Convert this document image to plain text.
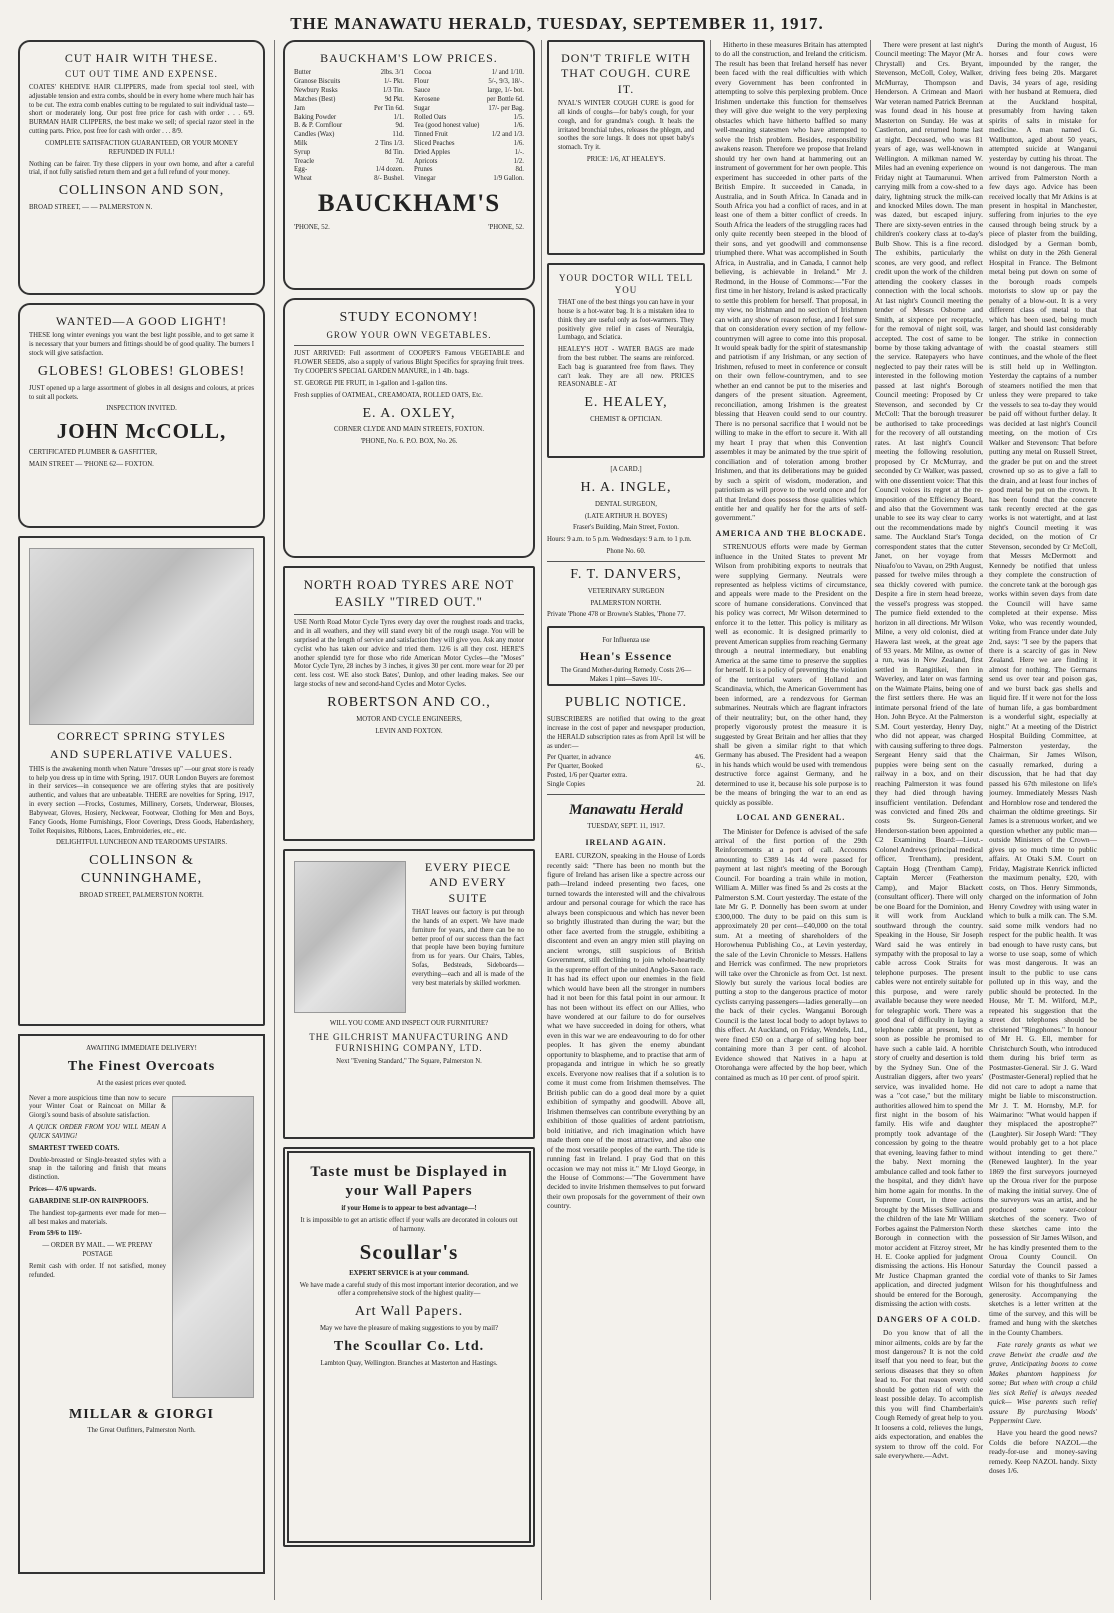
THE MANAWATU HERALD, TUESDAY, SEPTEMBER 11, 1917.
CUT HAIR WITH THESE.
CUT OUT TIME AND EXPENSE.
COATES' KHEDIVE HAIR CLIPPERS, made from special tool steel, with adjustable tension and extra combs, should be in every home where much hair has to be cut. The extra comb enables cutting to be regulated to suit individual taste—short or moderately long. Our post free price for cash with order . . . 6/9. BURMAN HAIR CLIPPERS, the best make we sell; of special razor steel in the cutting parts. Price, post free for cash with order . . . 8/9.
COMPLETE SATISFACTION GUARANTEED, OR YOUR MONEY REFUNDED IN FULL!
Nothing can be fairer. Try these clippers in your own home, and after a careful trial, if not fully satisfied return them and get a full refund of your money.
COLLINSON AND SON,
BROAD STREET, — — PALMERSTON N.
WANTED—A GOOD LIGHT!
THESE long winter evenings you want the best light possible, and to get same it is necessary that your burners and fittings should be of good quality. The burners I stock will give satisfaction.
GLOBES! GLOBES! GLOBES!
JUST opened up a large assortment of globes in all designs and colours, at prices to suit all pockets.
INSPECTION INVITED.
JOHN McCOLL,
CERTIFICATED PLUMBER & GASFITTER,
MAIN STREET — 'PHONE 62— FOXTON.
CORRECT SPRING STYLES
AND SUPERLATIVE VALUES.
THIS is the awakening month when Nature "dresses up" —our great store is ready to help you dress up in time with Spring, 1917. OUR London Buyers are foremost in their services—in consequence we are offering styles that are positively authentic, and values that are unbeatable. THERE are novelties for Spring, 1917, in every section —Frocks, Costumes, Millinery, Corsets, Underwear, Blouses, Babywear, Gloves, Hosiery, Neckwear, Footwear, Clothing for Men and Boys, Fancy Goods, Home Furnishings, Floor Coverings, Dress Goods, Haberdashery, Toilet Requisites, Ribbons, Laces, Embroideries, etc., etc.
DELIGHTFUL LUNCHEON AND TEAROOMS UPSTAIRS.
COLLINSON & CUNNINGHAME,
BROAD STREET, PALMERSTON NORTH.
AWAITING IMMEDIATE DELIVERY!
The Finest Overcoats
At the easiest prices ever quoted.
Never a more auspicious time than now to secure your Winter Coat or Raincoat on Millar & Giorgi's sound basis of absolute satisfaction.
A QUICK ORDER FROM YOU WILL MEAN A QUICK SAVING!
SMARTEST TWEED COATS.
Double-breasted or Single-breasted styles with a snap in the tailoring and finish that means distinction.
Prices— 47/6 upwards.
GABARDINE SLIP-ON RAINPROOFS.
The handiest top-garments ever made for men—all best makes and materials.
From 59/6 to 119/-
— ORDER BY MAIL. — WE PREPAY POSTAGE
Remit cash with order. If not satisfied, money refunded.
MILLAR & GIORGI
The Great Outfitters, Palmerston North.
BAUCKHAM'S LOW PRICES.
Butter	2lbs. 3/1
Granose Biscuits	1/- Pkt.
Newbury Rusks	1/3 Tin.
Matches (Best)	9d Pkt.
Jam	Per Tin 6d.
Baking Powder	1/1.
B. & P. Cornflour	9d.
Candles (Wax)	11d.
Milk	2 Tins 1/3.
Syrup	8d Tin.
Treacle	7d.
Egg-	1/4 dozen.
Wheat	8/- Bushel.
Cocoa	1/ and 1/10.
Flour	5/-, 9/3, 18/-.
Sauce	large, 1/- bot.
Kerosene	per Bottle 6d.
Sugar	17/- per Bag.
Rolled Oats	1/5.
Tea (good honest value)	1/6.
Tinned Fruit	1/2 and 1/3.
Sliced Peaches	1/6.
Dried Apples	1/-.
Apricots	1/2.
Prunes	8d.
Vinegar	1/9 Gallon.
BAUCKHAM'S
'PHONE, 52.	'PHONE, 52.
STUDY ECONOMY!
GROW YOUR OWN VEGETABLES.
JUST ARRIVED: Full assortment of COOPER'S Famous VEGETABLE and FLOWER SEEDS, also a supply of various Blight Specifics for spraying fruit trees. Try COOPER'S SPECIAL GARDEN MANURE, in 1 4lb. bags.
ST. GEORGE PIE FRUIT, in 1-gallon and 1-gallon tins.
Fresh supplies of OATMEAL, CREAMOATA, ROLLED OATS, Etc.
E. A. OXLEY,
CORNER CLYDE AND MAIN STREETS, FOXTON.
'PHONE, No. 6. P.O. BOX, No. 26.
NORTH ROAD TYRES ARE NOT EASILY "TIRED OUT."
USE North Road Motor Cycle Tyres every day over the roughest roads and tracks, and in all weathers, and they will stand every bit of the rough usage. You will be surprised at the length of service and satisfaction they will give you. Ask any motor cyclist who has taken our advice and tried them. 12/6 is all they cost. HERE'S another splendid tyre for those who ride American Motor Cycles—the "Moses" Motor Cycle Tyre, 28 inches by 3 inches, it gives 30 per cent. more wear for 20 per cent. less cost. WE also stock Bates', Dunlop, and other leading makes. See our large stocks of new and second-hand Cycles and Motor Cycles.
ROBERTSON AND CO.,
MOTOR AND CYCLE ENGINEERS,
LEVIN AND FOXTON.
EVERY PIECE AND EVERY SUITE
THAT leaves our factory is put through the hands of an expert. We have made furniture for years, and there can be no better proof of our success than the fact that people have been buying furniture from us for years. Our Chairs, Tables, Sofas, Bedsteads, Sideboards—everything—each and all is made of the very best materials by skilled workmen.
WILL YOU COME AND INSPECT OUR FURNITURE?
THE GILCHRIST MANUFACTURING AND FURNISHING COMPANY, LTD.
Next "Evening Standard," The Square, Palmerston N.
Taste must be Displayed in your Wall Papers
if your Home is to appear to best advantage—!
It is impossible to get an artistic effect if your walls are decorated in colours out of harmony.
Scoullar's
EXPERT SERVICE is at your command.
We have made a careful study of this most important interior decoration, and we offer a comprehensive stock of the highest quality—
Art Wall Papers.
May we have the pleasure of making suggestions to you by mail?
The Scoullar Co. Ltd.
Lambton Quay, Wellington. Branches at Masterton and Hastings.
DON'T TRIFLE WITH THAT COUGH. CURE IT.
NYAL'S WINTER COUGH CURE is good for all kinds of coughs—for baby's cough, for your cough, and for grandma's cough. It heals the irritated bronchial tubes, releases the phlegm, and soothes the sore lungs. It does not upset baby's stomach. Try it.
PRICE: 1/6, AT HEALEY'S.
YOUR DOCTOR WILL TELL YOU
THAT one of the best things you can have in your house is a hot-water bag. It is a mistaken idea to think they are useful only as foot-warmers. They positively give relief in cases of Neuralgia, Lumbago, and Sciatica.
HEALEY'S HOT - WATER BAGS are made from the best rubber. The seams are reinforced. Each bag is guaranteed free from flaws. They can't leak. They are all new. PRICES REASONABLE - AT
E. HEALEY,
CHEMIST & OPTICIAN.
[A CARD.]
H. A. INGLE,
DENTAL SURGEON,
(LATE ARTHUR H. BOYES)
Fraser's Building, Main Street, Foxton.
Hours: 9 a.m. to 5 p.m. Wednesdays: 9 a.m. to 1 p.m.
Phone No. 60.
F. T. DANVERS,
VETERINARY SURGEON
PALMERSTON NORTH.
Private 'Phone 478 or Browne's Stables, 'Phone 77.
For Influenza use
Hean's Essence
The Grand Mother-during Remedy. Costs 2/6—Makes 1 pint—Saves 10/-.
PUBLIC NOTICE.
SUBSCRIBERS are notified that owing to the great increase in the cost of paper and newspaper production, the HERALD subscription rates as from April 1st will be as under:—
Per Quarter, in advance	4/6.
Per Quarter, Booked	6/-.
Posted, 1/6 per Quarter extra.
Single Copies	2d.
Manawatu Herald
TUESDAY, SEPT. 11, 1917.
IRELAND AGAIN.
EARL CURZON, speaking in the House of Lords recently said: "There has been no month but the figure of Ireland has arisen like a spectre across our path—Ireland indeed presenting two faces, one turned towards the interested will and the chivalrous ardour and personal courage for which the race has always been conspicuous and which has never been so brightly illustrated than during the war; but the other face averted from the struggle, exhibiting a discontent and even an angry mien still playing on ancient wrongs, still suspicious of British Government, still declining to join whole-heartedly in the supreme effort of the united Anglo-Saxon race. It has had its effect upon our enemies in the field which would have been all the stronger in numbers had it not been for this fatal point in our armour. It has not been without its effect on our Allies, who have wondered at our failure to do for ourselves what we have succeeded in doing for others, what even in this war we are endeavouring to do for other peoples. It has given the enemy abundant opportunity to blaspheme, and to practise that arm of propaganda and intrigue in which he so greatly excels. Everyone now realises that if a solution is to come it must come from Irishmen themselves. The British public can do a good deal more by a quiet exhibition of sympathy and goodwill. Above all, Irishmen themselves can contribute everything by an exhibition of those qualities of ardent patriotism, bold initiative, and rich imagination which have made them one of the most attractive, and also one of the most versatile peoples of the earth. The tide is running fast in Ireland. I pray God that on this occasion we may not miss it." Mr Lloyd George, in the House of Commons:—"The Government have decided to invite Irishmen themselves to put forward their own proposals for the government of their own country.
Hitherto in these measures Britain has attempted to do all the construction, and Ireland the criticism. The result has been that Ireland herself has never been faced with the real difficulties with which every Government has been confronted in attempting to solve this perplexing problem. Once Irishmen undertake this function for themselves they will give due weight to the very perplexing obstacles which have hitherto baffled so many well-meaning statesmen who have attempted to solve the Irish problem. Besides, responsibility awakens reason. Therefore we propose that Ireland should try her own hand at hammering out an instrument of government for her own people. This experiment has succeeded in other parts of the British Empire. It succeeded in Canada, in Australia, and in South Africa. In Canada and in South Africa you had a conflict of races, and in at least one of them a bitter conflict of creeds. In South Africa the leaders of the struggling races had only quite recently been steeped in the blood of their sons, and yet goodwill and commonsense triumphed there. What was accomplished in South Africa, in Australia, and in Canada, I cannot help believing, is achievable in Ireland." Mr J. Redmond, in the House of Commons:—"For the first time in her history, Ireland is asked practically to settle this problem for herself. That proposal, in my view, no Irishman and no section of Irishmen can with any show of reason refuse, and I feel sure that on consideration every section of my fellow-countrymen will agree to come into this proposal. It would speak badly for the spirit of statesmanship and patriotism if any Irishman, or any section of Irishmen, refused to meet in conference or consult on their own fellow-countrymen, and to see whether an end cannot be put to the miseries and dangers of the present situation. Agreement, reconciliation, among Irishmen is the greatest blessing that Heaven could send to our country. There is no personal sacrifice that I would not be willing to make in the effort to secure it. With all my heart I pray that when this Convention assembles it may be animated by the true spirit of conciliation and of toleration among brother Irishmen, and that its deliberations may be guided by such a spirit of wisdom, moderation, and patriotism as will prove to the world once and for all that Ireland does possess those qualities which entitle her and qualify her for the arts of self-government."
AMERICA AND THE BLOCKADE.
STRENUOUS efforts were made by German influence in the United States to prevent Mr Wilson from prohibiting exports to neutrals that were supplying Germany. Neutrals were represented as helpless victims of circumstance, and appeals were made to the President on the score of humane considerations. Convinced that his policy was correct, Mr Wilson determined to enforce it to the letter. This policy is military as well as economic. It is designed primarily to prevent American supplies from reaching Germany through a neutral intermediary, but enabling America at the same time to preserve the supplies for herself. It is a policy of preventing the violation of the territorial waters of Holland and Scandinavia, which, the American Government has been informed, are a rendezvous for German submarines. Neutrals which are flagrant infractors of their neutrality; but, on the other hand, they properly vigorously protest the measure it is suggested by Great Britain and her allies that they shall be given a similar right to that which Germany has abused. The President had a weapon in his hands which would be used with tremendous destructive force against Germany, and he determined to use it, because his sole purpose is to be the means of bringing the war to an end as quickly as possible.
LOCAL AND GENERAL.
The Minister for Defence is advised of the safe arrival of the first portion of the 29th Reinforcements at a port of call. Accounts amounting to £389 14s 4d were passed for payment at last night's meeting of the Borough Council. For boarding a train while in motion, William A. Miller was fined 5s and 2s costs at the Palmerston S.M. Court yesterday. The estate of the late Mr G. P. Donnelly has been sworn at under £300,000. The duty to be paid on this sum is approximately 20 per cent—£40,000 on the total sum. At a meeting of shareholders of the Horowhenua Publishing Co., at Levin yesterday, the sale of the Levin Chronicle to Messrs. Hallens and Herrick was confirmed. The new proprietors will take over the Chronicle as from Oct. 1st next. Slowly but surely the various local bodies are putting a stop to the dangerous practice of motor cyclists carrying passengers—ladies generally—on the back of their cycles. Wanganui Borough Council is the latest local body to adopt bylaws to this effect. At Auckland, on Friday, Wendels, Ltd., were fined £50 on a charge of selling hop beer containing more than 3 per cent. of alcohol. Evidence showed that Natives in a hapu at Otorohanga were affected by the hop beer, which contained as much as 10 per cent. of proof spirit.
There were present at last night's Council meeting: The Mayor (Mr A. Chrystall) and Crs. Bryant, Stevenson, McColl, Coley, Walker, McMurray, Thompson and Henderson. A Crimean and Maori War veteran named Patrick Brennan was found dead in his house at Masterton on Sunday. He was at Castlerton, and returned home last at night. Deceased, who was 81 years of age, was well-known in Wellington. A milkman named W. Miles had an evening experience on Friday night at Taumarunui. When carrying milk from a cow-shed to a dairy, lightning struck the milk-can and knocked Miles down. The man was dazed, but escaped injury. There are sixty-seven entries in the children's cookery class at to-day's Bulb Show. This is a fine record. The exhibits, particularly the scones, are very good, and reflect credit upon the work of the children attending the cookery classes in connection with the local schools. At last night's Council meeting the tender of Messrs Osborne and Smith, at sixpence per receptacle, for the removal of night soil, was accepted. The cost of same to be borne by those taking advantage of the service. Ratepayers who have neglected to pay their rates will be interested in the following motion passed at last night's Borough Council meeting: Proposed by Cr Stevenson, and seconded by Cr McColl: That the borough treasurer be authorised to take proceedings for the recovery of all outstanding rates. At last night's Council meeting the following resolution, proposed by Cr McMurray, and seconded by Cr Walker, was passed, with one dissentient voice: That this Council voices its regret at the re-imposition of the Efficiency Board, and also that the Government was unable to see its way clear to carry out the recommendations made by same. The Auckland Star's Tonga correspondent states that the cutter Janet, on her voyage from Niuafo'ou to Vavau, on 29th August, passed for twelve miles through a sea thickly covered with pumice. Despite a fire in stern head breeze, the vessel's progress was stopped. The pumice field extended to the horizon in all directions. Mr Wilson Milne, a very old colonist, died at Hawera last week, at the great age of 93 years. Mr Milne, as owner of a run, was in New Zealand, first settled in Rangitikei, then in Waverley, and later on was farming on the Waimate Plains, being one of the first settlers there. He was an intimate personal friend of the late Hon. John Bryce. At the Palmerston S.M. Court yesterday, Henry Day, who did not appear, was charged with causing suffering to three dogs. Sergeant Henry said that the puppies were being sent on the railway in a box, and on their reaching Palmerston it was found they had died through having insufficient ventilation. Defendant was convicted and fined 20s and costs 9s. Surgeon-General Henderson-station been appointed a C2 Examining Board:—Lieut.-Colonel Andrews (principal medical officer, Trentham), president, Captain Hogg (Trentham Camp), Captain Mercer (Featherston Camp), and Major Blackett (consultant officer). There will only be one Board for the Dominion, and it will work from Auckland southward through the country. Speaking in the House, Sir Joseph Ward said he was entirely in sympathy with the proposal to lay a cable across Cook Straits for telephone purposes. The present cables were not entirely suitable for this purpose, and were rarely available because they were needed for telegraphic work. There was a good deal of difficulty in laying a telephone cable at present, but as soon as possible he promised to have such a cable laid. A horrible story of cruelty and desertion is told by the Sydney Sun. One of the Australian diggers, after two years' service, was invalided home. He was a "cot case," but the military authorities allowed him to spend the first night in the bosom of his family. His wife and daughter promptly took advantage of the concession by going to the theatre that evening, leaving father to mind the baby. Next morning the ambulance called and took father to the hospital, and they didn't have him home again for months. In the Supreme Court, in three actions brought by the Misses Sullivan and the children of the late Mr William Forbes against the Palmerston North Borough in connection with the motor accident at Fitzroy street, Mr H. E. Cooke applied for judgment dismissing the actions. His Honour Mr Justice Chapman granted the application, and directed judgment should be entered for the Borough, dismissing the action with costs.
DANGERS OF A COLD.
Do you know that of all the minor ailments, colds are by far the most dangerous? It is not the cold itself that you need to fear, but the serious diseases that they so often lead to. For that reason every cold should be gotten rid of with the least possible delay. To accomplish this you will find Chamberlain's Cough Remedy of great help to you. It loosens a cold, relieves the lungs, aids expectoration, and enables the system to throw off the cold. For sale everywhere.—Advt.
During the month of August, 16 horses and four cows were impounded by the ranger, the driving fees being 20s. Margaret Davis, 34 years of age, residing with her husband at Remuera, died at the Auckland hospital, presumably from having taken spirits of salts in mistake for medicine. A man named G. Wallbutton, aged about 50 years, attempted suicide at Wanganui yesterday by cutting his throat. The wound is not dangerous. The man arrived from Palmerston North a few days ago. Advice has been received locally that Mr Atkins is at present in hospital in Manchester, suffering from injuries to the eye caused through being struck by a piece of plaster from the building, dislodged by a German bomb, whilst on duty in the 26th General Hospital in France. The Belmont metal being put down on some of the borough roads compels motorists to slow up or pay the penalty of a blow-out. It is a very different class of metal to that which has been used, being much larger, and should last considerably longer. The strike in connection with the coastal steamers still continues, and the whole of the fleet is still held up in Wellington. Yesterday the captains of a number of steamers notified the men that unless they were prepared to take the vessels to sea to-day they would be paid off without further delay. It was decided at last night's Council meeting, on the motion of Crs Walker and Stevenson: That before putting any metal on Russell Street, the grader be put on and the street crowned up so as to give a fall to the drain, and at least four inches of good metal be put on the crown. It has been found that the concrete tank recently erected at the gas works is not watertight, and at last night's Council meeting it was decided, on the motion of Cr Stevenson, seconded by Cr McColl, that Messrs McDermott and Kennedy be notified that unless they complete the construction of the concrete tank at the borough gas works within seven days from date the Council will have same completed at their expense. Miss Voke, who was recently wounded, writing from France under date July 2nd, says: "I see by the papers that there is a scarcity of gas in New Zealand. Here we are finding it almost for nothing. The Germans send us over tear and poison gas, and we burst back gas shells and liquid fire. If it were not for the loss of human life, a gas bombardment is a wonderful sight, especially at night." At a meeting of the District Hospital Building Committee, at Palmerston yesterday, the Chairman, Sir James Wilson, casually remarked, during a discussion, that he had that day passed his 67th milestone on life's journey. Immediately Messrs Nash and Hornblow rose and tendered the chairman the oldtime greetings. Sir James is a strenuous worker, and we question whether any public man—outside Ministers of the Crown—gives up so much time to public affairs. At Otaki S.M. Court on Friday, Magistrate Kenrick inflicted the maximum penalty, £20, with costs, on Thos. Henry Simmonds, charged on the information of John Henry Cowdrey with using water in which to bulk a milk can. The S.M. said some milk vendors had no respect for the public health. It was bad enough to have rusty cans, but worse to use soap, some of which was most dangerous. It was an insult to the public to use cans polluted up in this way, and the public should be protected. In the House, Mr T. M. Wilford, M.P., repeated his suggestion that the street dot telephones should be christened "Ringphones." In honour of Mr H. G. Ell, member for Christchurch South, who introduced them during his brief term as Postmaster-General. Sir J. G. Ward (Postmaster-General) replied that he did not care to adopt a name that might be liable to misconstruction. Mr J. T. M. Hornsby, M.P. for Waimarino: "What would happen if they misplaced the apostrophe?" (Laughter). Sir Joseph Ward: "They would probably get to a hot place without intending to get there." (Renewed laughter). In the year 1869 the first surveyors journeyed up the Oroua river for the purpose of making the initial survey. One of the surveyors was an artist, and he produced some water-colour sketches of the scenery. Two of these sketches came into the possession of Sir James Wilson, and he has kindly presented them to the Oroua County Council. On Saturday the Council passed a cordial vote of thanks to Sir James Wilson for his thoughtfulness and generosity. Accompanying the sketches is a letter written at the time of the survey, and this will be framed and hung with the sketches in the County Chambers.
Fate rarely grants as what we crave Betwixt the cradle and the grave, Anticipating boons to come Makes phantom happiness for some; But when with croup a child lies sick Relief is always needed quick— Wise parents such relief assure By purchasing Woods' Peppermint Cure.
Have you heard the good news? Colds die before NAZOL—the ready-for-use and money-saving remedy. Keep NAZOL handy. Sixty doses 1/6.
